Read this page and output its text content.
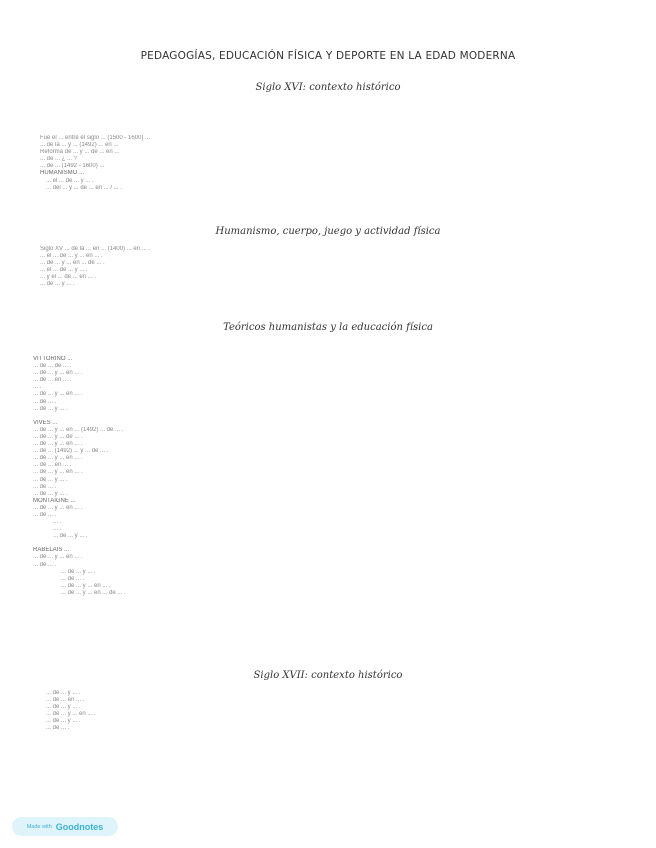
PEDAGOGÍAS, EDUCACIÓN FÍSICA Y DEPORTE EN LA EDAD MODERNA
Siglo XVI: contexto histórico
Fue el ... entre el siglo ... (1500 - 1600) ...
... de la ... y ... (1492) ... en ...
Reforma de ... y ... de ... en ...
... de ... ¿ ... ?
... de ... (1492 - 1600) ...
HUMANISMO ...
... el ... de ... y ... .
... del ... y ... de ... en ... / ... .
Humanismo, cuerpo, juego y actividad física
Siglo XV ... de la ... en ... (1400) ... en ... .
... el ... de ... y ... en ... .
... de ... y ... en ... de ... .
... el ... de ... y ... .
... y el ... de ... en ... .
... de ... y ... .
Teóricos humanistas y la educación física
VITTORINO ...
... de ... de ... .
... de ... y ... en ... .
... de ... en ... .
... .
... de ... y ... en ... .
... de ... .
... de ... y ... .
VIVES ...
... de ... y ... en ... (1492) ... de ... .
... de ... y ... de ... .
... de ... y ... en ... .
... de ... (1492) ... y ... de ... .
... de ... y ... en ... .
... de ... en ... .
... de ... y ... en ... .
... de ... y ... .
... de ... .
... de ... y ... .
MONTAIGNE ...
... de ... y ... en ... .
... de ... .
... .
... .
... de ... y ... .
RABELAIS ...
... de ... y ... en ... .
... de ... .
... de ... y ... .
... de ... .
... de ... y ... en ... .
... de ... y ... en ... de ... .
Siglo XVII: contexto histórico
... de ... y ... .
... de ... en ... .
... de ... y ... .
... de ... y ... en ... .
... de ... y ... .
... de ... .
Made with Goodnotes
